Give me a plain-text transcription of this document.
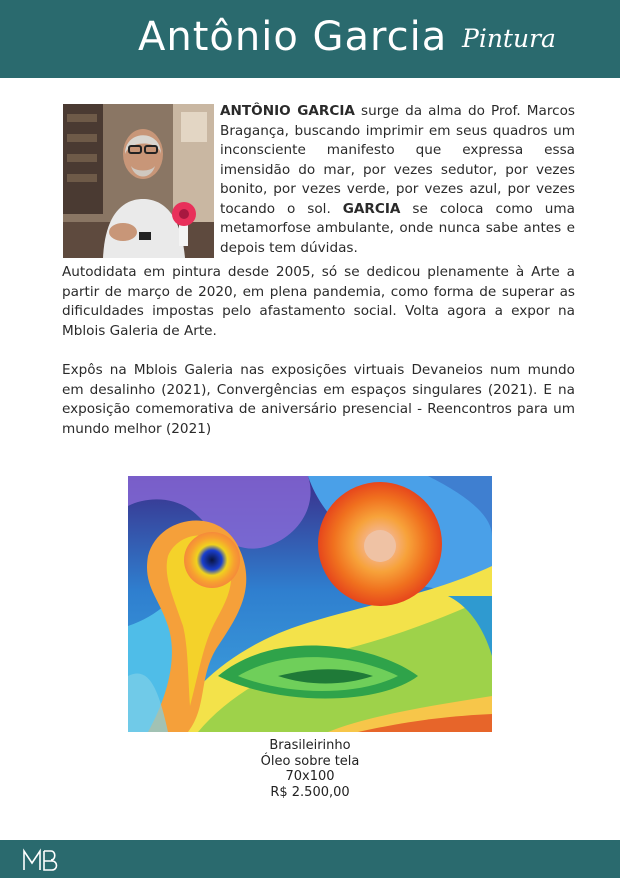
Antônio Garcia Pintura
ANTÔNIO GARCIA surge da alma do Prof. Marcos Bragança, buscando imprimir em seus quadros um inconsciente manifesto que expressa essa imensidão do mar, por vezes sedutor, por vezes bonito, por vezes verde, por vezes azul, por vezes tocando o sol. GARCIA se coloca como uma metamorfose ambulante, onde nunca sabe antes e depois tem dúvidas.
Autodidata em pintura desde 2005, só se dedicou plenamente à Arte a partir de março de 2020, em plena pandemia, como forma de superar as dificuldades impostas pelo afastamento social. Volta agora a expor na Mblois Galeria de Arte.
Expôs na Mblois Galeria nas exposições virtuais Devaneios num mundo em desalinho (2021), Convergências em espaços singulares (2021). E na exposição comemorativa de aniversário presencial - Reencontros para um mundo melhor (2021)
Brasileirinho
Óleo sobre tela
70x100
R$ 2.500,00
